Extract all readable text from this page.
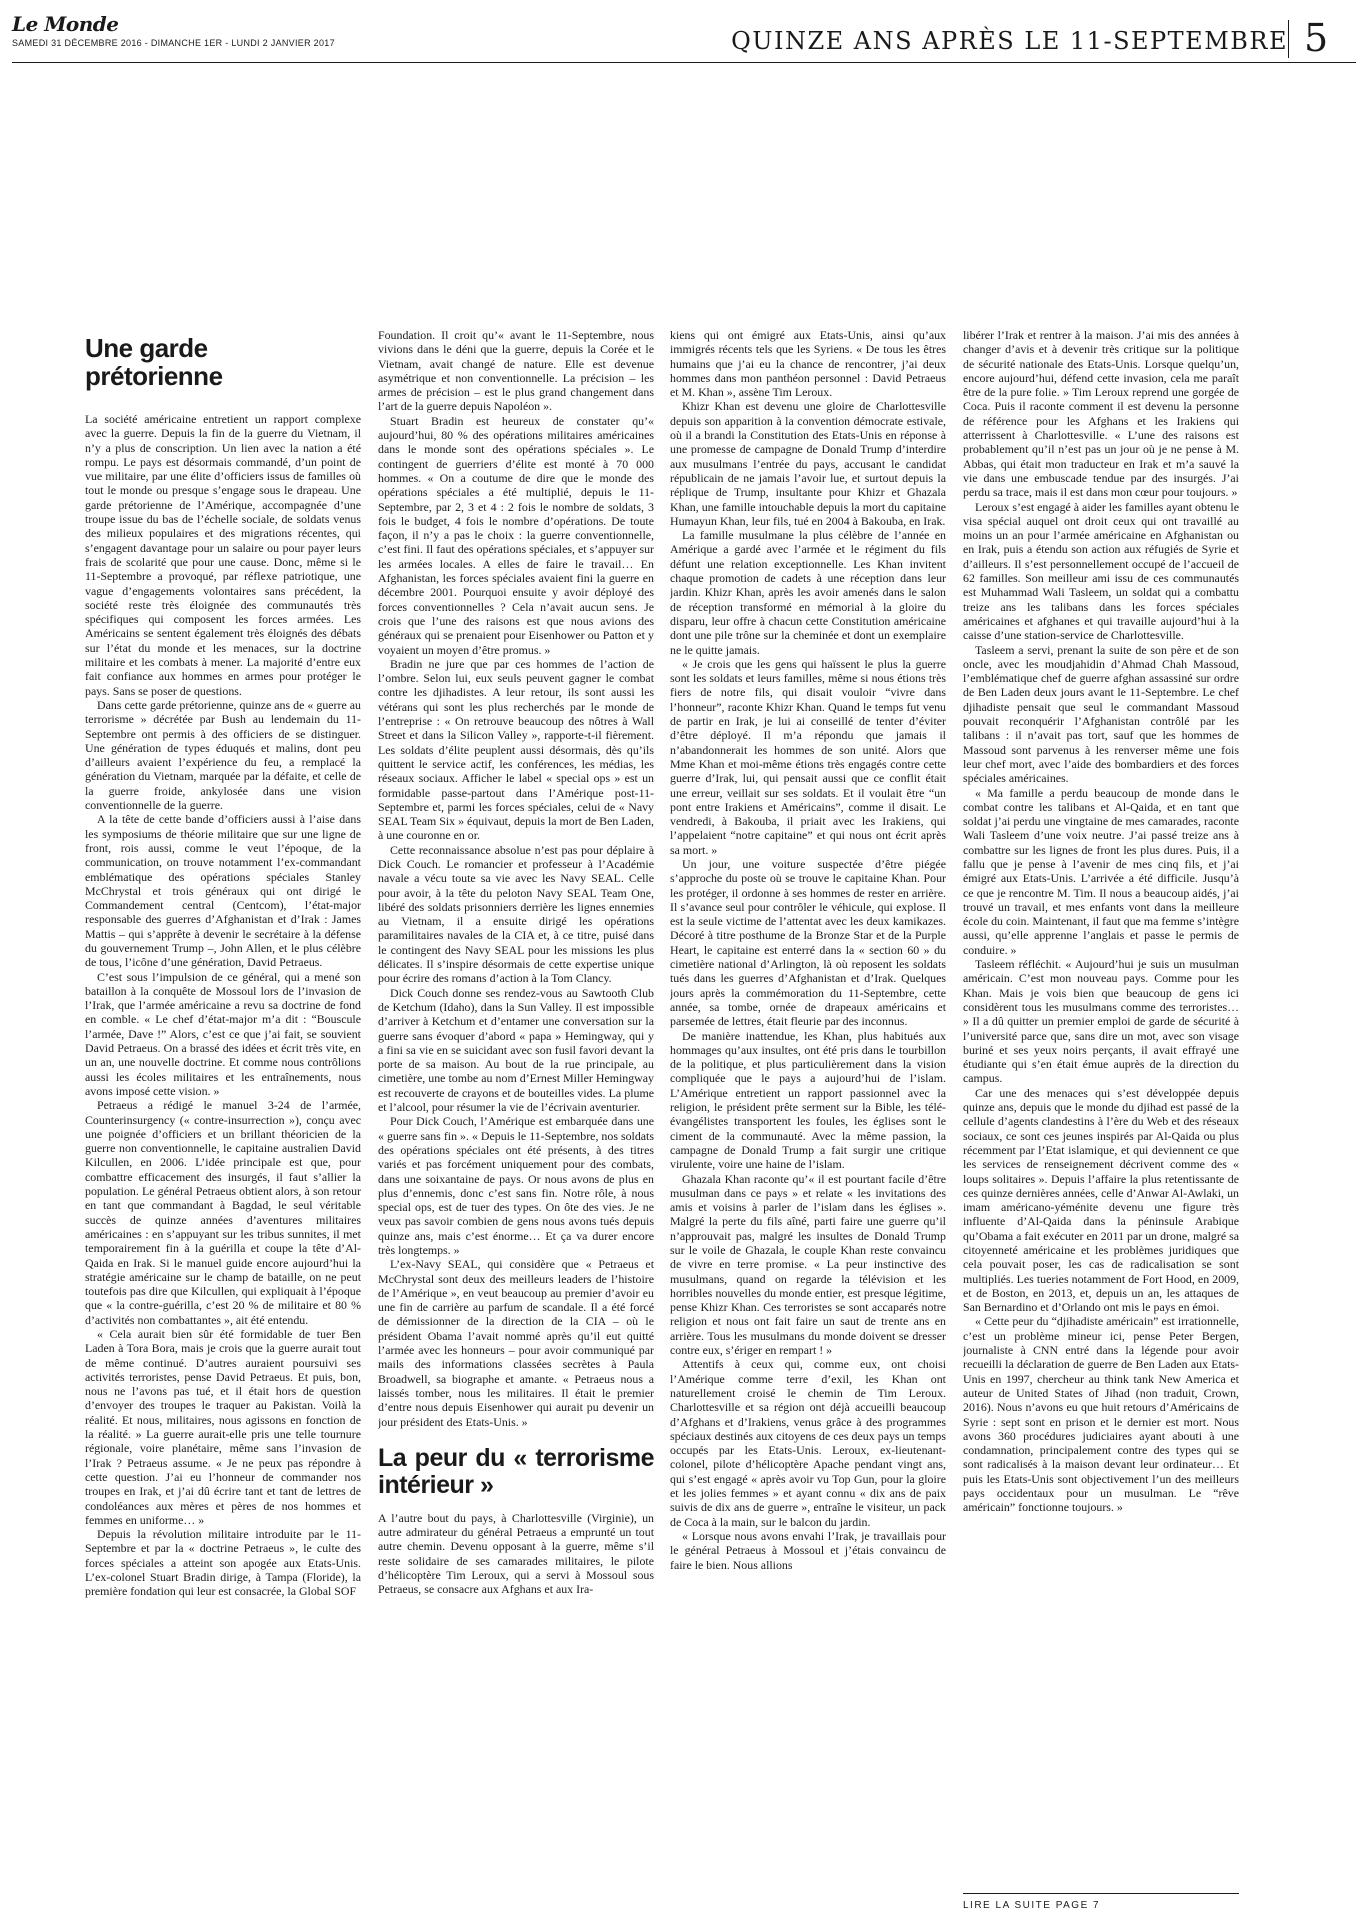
Le Monde
SAMEDI 31 DÉCEMBRE 2016 - DIMANCHE 1ER - LUNDI 2 JANVIER 2017	QUINZE ANS APRÈS LE 11-SEPTEMBRE 5
Une garde prétorienne

La société américaine entretient un rapport complexe avec la guerre. Depuis la fin de la guerre du Vietnam, il n’y a plus de conscription. Un lien avec la nation a été rompu. Le pays est désormais commandé, d’un point de vue militaire, par une élite d’officiers issus de familles où tout le monde ou presque s’engage sous le drapeau. Une garde prétorienne de l’Amérique, accompagnée d’une troupe issue du bas de l’échelle sociale, de soldats venus des milieux populaires et des migrations récentes, qui s’engagent davantage pour un salaire ou pour payer leurs frais de scolarité que pour une cause. Donc, même si le 11-Septembre a provoqué, par réflexe patriotique, une vague d’engagements volontaires sans précédent, la société reste très éloignée des communautés très spécifiques qui composent les forces armées. Les Américains se sentent également très éloignés des débats sur l’état du monde et les menaces, sur la doctrine militaire et les combats à mener. La majorité d’entre eux fait confiance aux hommes en armes pour protéger le pays. Sans se poser de questions.

Dans cette garde prétorienne, quinze ans de « guerre au terrorisme » décrétée par Bush au lendemain du 11-Septembre ont permis à des officiers de se distinguer. Une génération de types éduqués et malins, dont peu d’ailleurs avaient l’expérience du feu, a remplacé la génération du Vietnam, marquée par la défaite, et celle de la guerre froide, ankylosée dans une vision conventionnelle de la guerre.

A la tête de cette bande d’officiers aussi à l’aise dans les symposiums de théorie militaire que sur une ligne de front, rois aussi, comme le veut l’époque, de la communication, on trouve notamment l’ex-commandant emblématique des opérations spéciales Stanley McChrystal et trois généraux qui ont dirigé le Commandement central (Centcom), l’état-major responsable des guerres d’Afghanistan et d’Irak : James Mattis – qui s’apprête à devenir le secrétaire à la défense du gouvernement Trump –, John Allen, et le plus célèbre de tous, l’icône d’une génération, David Petraeus.

C’est sous l’impulsion de ce général, qui a mené son bataillon à la conquête de Mossoul lors de l’invasion de l’Irak, que l’armée américaine a revu sa doctrine de fond en comble. « Le chef d’état-major m’a dit : “Bouscule l’armée, Dave !” Alors, c’est ce que j’ai fait, se souvient David Petraeus. On a brassé des idées et écrit très vite, en un an, une nouvelle doctrine. Et comme nous contrôlions aussi les écoles militaires et les entraînements, nous avons imposé cette vision. »

Petraeus a rédigé le manuel 3-24 de l’armée, Counterinsurgency (« contre-insurrection »), conçu avec une poignée d’officiers et un brillant théoricien de la guerre non conventionnelle, le capitaine australien David Kilcullen, en 2006. L’idée principale est que, pour combattre efficacement des insurgés, il faut s’allier la population. Le général Petraeus obtient alors, à son retour en tant que commandant à Bagdad, le seul véritable succès de quinze années d’aventures militaires américaines : en s’appuyant sur les tribus sunnites, il met temporairement fin à la guérilla et coupe la tête d’Al-Qaida en Irak. Si le manuel guide encore aujourd’hui la stratégie américaine sur le champ de bataille, on ne peut toutefois pas dire que Kilcullen, qui expliquait à l’époque que « la contre-guérilla, c’est 20 % de militaire et 80 % d’activités non combattantes », ait été entendu.

« Cela aurait bien sûr été formidable de tuer Ben Laden à Tora Bora, mais je crois que la guerre aurait tout de même continué. D’autres auraient poursuivi ses activités terroristes, pense David Petraeus. Et puis, bon, nous ne l’avons pas tué, et il était hors de question d’envoyer des troupes le traquer au Pakistan. Voilà la réalité. Et nous, militaires, nous agissons en fonction de la réalité. » La guerre aurait-elle pris une telle tournure régionale, voire planétaire, même sans l’invasion de l’Irak ? Petraeus assume. « Je ne peux pas répondre à cette question. J’ai eu l’honneur de commander nos troupes en Irak, et j’ai dû écrire tant et tant de lettres de condoléances aux mères et pères de nos hommes et femmes en uniforme… »

Depuis la révolution militaire introduite par le 11-Septembre et par la « doctrine Petraeus », le culte des forces spéciales a atteint son apogée aux Etats-Unis. L’ex-colonel Stuart Bradin dirige, à Tampa (Floride), la première fondation qui leur est consacrée, la Global SOF

Foundation. Il croit qu’« avant le 11-Septembre, nous vivions dans le déni que la guerre, depuis la Corée et le Vietnam, avait changé de nature. Elle est devenue asymétrique et non conventionnelle. La précision – les armes de précision – est le plus grand changement dans l’art de la guerre depuis Napoléon ».

Stuart Bradin est heureux de constater qu’« aujourd’hui, 80 % des opérations militaires américaines dans le monde sont des opérations spéciales ». Le contingent de guerriers d’élite est monté à 70 000 hommes. « On a coutume de dire que le monde des opérations spéciales a été multiplié, depuis le 11-Septembre, par 2, 3 et 4 : 2 fois le nombre de soldats, 3 fois le budget, 4 fois le nombre d’opérations. De toute façon, il n’y a pas le choix : la guerre conventionnelle, c’est fini. Il faut des opérations spéciales, et s’appuyer sur les armées locales. A elles de faire le travail… En Afghanistan, les forces spéciales avaient fini la guerre en décembre 2001. Pourquoi ensuite y avoir déployé des forces conventionnelles ? Cela n’avait aucun sens. Je crois que l’une des raisons est que nous avions des généraux qui se prenaient pour Eisenhower ou Patton et y voyaient un moyen d’être promus. »

Bradin ne jure que par ces hommes de l’action de l’ombre. Selon lui, eux seuls peuvent gagner le combat contre les djihadistes. A leur retour, ils sont aussi les vétérans qui sont les plus recherchés par le monde de l’entreprise : « On retrouve beaucoup des nôtres à Wall Street et dans la Silicon Valley », rapporte-t-il fièrement. Les soldats d’élite peuplent aussi désormais, dès qu’ils quittent le service actif, les conférences, les médias, les réseaux sociaux. Afficher le label « special ops » est un formidable passe-partout dans l’Amérique post-11-Septembre et, parmi les forces spéciales, celui de « Navy SEAL Team Six » équivaut, depuis la mort de Ben Laden, à une couronne en or.

Cette reconnaissance absolue n’est pas pour déplaire à Dick Couch. Le romancier et professeur à l’Académie navale a vécu toute sa vie avec les Navy SEAL. Celle pour avoir, à la tête du peloton Navy SEAL Team One, libéré des soldats prisonniers derrière les lignes ennemies au Vietnam, il a ensuite dirigé les opérations paramilitaires navales de la CIA et, à ce titre, puisé dans le contingent des Navy SEAL pour les missions les plus délicates. Il s’inspire désormais de cette expertise unique pour écrire des romans d’action à la Tom Clancy.

Dick Couch donne ses rendez-vous au Sawtooth Club de Ketchum (Idaho), dans la Sun Valley. Il est impossible d’arriver à Ketchum et d’entamer une conversation sur la guerre sans évoquer d’abord « papa » Hemingway, qui y a fini sa vie en se suicidant avec son fusil favori devant la porte de sa maison. Au bout de la rue principale, au cimetière, une tombe au nom d’Ernest Miller Hemingway est recouverte de crayons et de bouteilles vides. La plume et l’alcool, pour résumer la vie de l’écrivain aventurier.

Pour Dick Couch, l’Amérique est embarquée dans une « guerre sans fin ». « Depuis le 11-Septembre, nos soldats des opérations spéciales ont été présents, à des titres variés et pas forcément uniquement pour des combats, dans une soixantaine de pays. Or nous avons de plus en plus d’ennemis, donc c’est sans fin. Notre rôle, à nous special ops, est de tuer des types. On ôte des vies. Je ne veux pas savoir combien de gens nous avons tués depuis quinze ans, mais c’est énorme… Et ça va durer encore très longtemps. »

L’ex-Navy SEAL, qui considère que « Petraeus et McChrystal sont deux des meilleurs leaders de l’histoire de l’Amérique », en veut beaucoup au premier d’avoir eu une fin de carrière au parfum de scandale. Il a été forcé de démissionner de la direction de la CIA – où le président Obama l’avait nommé après qu’il eut quitté l’armée avec les honneurs – pour avoir communiqué par mails des informations classées secrètes à Paula Broadwell, sa biographe et amante. « Petraeus nous a laissés tomber, nous les militaires. Il était le premier d’entre nous depuis Eisenhower qui aurait pu devenir un jour président des Etats-Unis. »

La peur du « terrorisme intérieur »

A l’autre bout du pays, à Charlottesville (Virginie), un autre admirateur du général Petraeus a emprunté un tout autre chemin. Devenu opposant à la guerre, même s’il reste solidaire de ses camarades militaires, le pilote d’hélicoptère Tim Leroux, qui a servi à Mossoul sous Petraeus, se consacre aux Afghans et aux Ira-

kiens qui ont émigré aux Etats-Unis, ainsi qu’aux immigrés récents tels que les Syriens. « De tous les êtres humains que j’ai eu la chance de rencontrer, j’ai deux hommes dans mon panthéon personnel : David Petraeus et M. Khan », assène Tim Leroux.

Khizr Khan est devenu une gloire de Charlottesville depuis son apparition à la convention démocrate estivale, où il a brandi la Constitution des Etats-Unis en réponse à une promesse de campagne de Donald Trump d’interdire aux musulmans l’entrée du pays, accusant le candidat républicain de ne jamais l’avoir lue, et surtout depuis la réplique de Trump, insultante pour Khizr et Ghazala Khan, une famille intouchable depuis la mort du capitaine Humayun Khan, leur fils, tué en 2004 à Bakouba, en Irak.

La famille musulmane la plus célèbre de l’année en Amérique a gardé avec l’armée et le régiment du fils défunt une relation exceptionnelle. Les Khan invitent chaque promotion de cadets à une réception dans leur jardin. Khizr Khan, après les avoir amenés dans le salon de réception transformé en mémorial à la gloire du disparu, leur offre à chacun cette Constitution américaine dont une pile trône sur la cheminée et dont un exemplaire ne le quitte jamais.

« Je crois que les gens qui haïssent le plus la guerre sont les soldats et leurs familles, même si nous étions très fiers de notre fils, qui disait vouloir “vivre dans l’honneur”, raconte Khizr Khan. Quand le temps fut venu de partir en Irak, je lui ai conseillé de tenter d’éviter d’être déployé. Il m’a répondu que jamais il n’abandonnerait les hommes de son unité. Alors que Mme Khan et moi-même étions très engagés contre cette guerre d’Irak, lui, qui pensait aussi que ce conflit était une erreur, veillait sur ses soldats. Et il voulait être “un pont entre Irakiens et Américains”, comme il disait. Le vendredi, à Bakouba, il priait avec les Irakiens, qui l’appelaient “notre capitaine” et qui nous ont écrit après sa mort. »

Un jour, une voiture suspectée d’être piégée s’approche du poste où se trouve le capitaine Khan. Pour les protéger, il ordonne à ses hommes de rester en arrière. Il s’avance seul pour contrôler le véhicule, qui explose. Il est la seule victime de l’attentat avec les deux kamikazes. Décoré à titre posthume de la Bronze Star et de la Purple Heart, le capitaine est enterré dans la « section 60 » du cimetière national d’Arlington, là où reposent les soldats tués dans les guerres d’Afghanistan et d’Irak. Quelques jours après la commémoration du 11-Septembre, cette année, sa tombe, ornée de drapeaux américains et parsemée de lettres, était fleurie par des inconnus.

De manière inattendue, les Khan, plus habitués aux hommages qu’aux insultes, ont été pris dans le tourbillon de la politique, et plus particulièrement dans la vision compliquée que le pays a aujourd’hui de l’islam. L’Amérique entretient un rapport passionnel avec la religion, le président prête serment sur la Bible, les télé-évangélistes transportent les foules, les églises sont le ciment de la communauté. Avec la même passion, la campagne de Donald Trump a fait surgir une critique virulente, voire une haine de l’islam.

Ghazala Khan raconte qu’« il est pourtant facile d’être musulman dans ce pays » et relate « les invitations des amis et voisins à parler de l’islam dans les églises ». Malgré la perte du fils aîné, parti faire une guerre qu’il n’approuvait pas, malgré les insultes de Donald Trump sur le voile de Ghazala, le couple Khan reste convaincu de vivre en terre promise. « La peur instinctive des musulmans, quand on regarde la télévision et les horribles nouvelles du monde entier, est presque légitime, pense Khizr Khan. Ces terroristes se sont accaparés notre religion et nous ont fait faire un saut de trente ans en arrière. Tous les musulmans du monde doivent se dresser contre eux, s’ériger en rempart ! »

Attentifs à ceux qui, comme eux, ont choisi l’Amérique comme terre d’exil, les Khan ont naturellement croisé le chemin de Tim Leroux. Charlottesville et sa région ont déjà accueilli beaucoup d’Afghans et d’Irakiens, venus grâce à des programmes spéciaux destinés aux citoyens de ces deux pays un temps occupés par les Etats-Unis. Leroux, ex-lieutenant-colonel, pilote d’hélicoptère Apache pendant vingt ans, qui s’est engagé « après avoir vu Top Gun, pour la gloire et les jolies femmes » et ayant connu « dix ans de paix suivis de dix ans de guerre », entraîne le visiteur, un pack de Coca à la main, sur le balcon du jardin.

« Lorsque nous avons envahi l’Irak, je travaillais pour le général Petraeus à Mossoul et j’étais convaincu de faire le bien. Nous allions

libérer l’Irak et rentrer à la maison. J’ai mis des années à changer d’avis et à devenir très critique sur la politique de sécurité nationale des Etats-Unis. Lorsque quelqu’un, encore aujourd’hui, défend cette invasion, cela me paraît être de la pure folie. » Tim Leroux reprend une gorgée de Coca. Puis il raconte comment il est devenu la personne de référence pour les Afghans et les Irakiens qui atterrissent à Charlottesville. « L’une des raisons est probablement qu’il n’est pas un jour où je ne pense à M. Abbas, qui était mon traducteur en Irak et m’a sauvé la vie dans une embuscade tendue par des insurgés. J’ai perdu sa trace, mais il est dans mon cœur pour toujours. »

Leroux s’est engagé à aider les familles ayant obtenu le visa spécial auquel ont droit ceux qui ont travaillé au moins un an pour l’armée américaine en Afghanistan ou en Irak, puis a étendu son action aux réfugiés de Syrie et d’ailleurs. Il s’est personnellement occupé de l’accueil de 62 familles. Son meilleur ami issu de ces communautés est Muhammad Wali Tasleem, un soldat qui a combattu treize ans les talibans dans les forces spéciales américaines et afghanes et qui travaille aujourd’hui à la caisse d’une station-service de Charlottesville.

Tasleem a servi, prenant la suite de son père et de son oncle, avec les moudjahidin d’Ahmad Chah Massoud, l’emblématique chef de guerre afghan assassiné sur ordre de Ben Laden deux jours avant le 11-Septembre. Le chef djihadiste pensait que seul le commandant Massoud pouvait reconquérir l’Afghanistan contrôlé par les talibans : il n’avait pas tort, sauf que les hommes de Massoud sont parvenus à les renverser même une fois leur chef mort, avec l’aide des bombardiers et des forces spéciales américaines.

« Ma famille a perdu beaucoup de monde dans le combat contre les talibans et Al-Qaida, et en tant que soldat j’ai perdu une vingtaine de mes camarades, raconte Wali Tasleem d’une voix neutre. J’ai passé treize ans à combattre sur les lignes de front les plus dures. Puis, il a fallu que je pense à l’avenir de mes cinq fils, et j’ai émigré aux Etats-Unis. L’arrivée a été difficile. Jusqu’à ce que je rencontre M. Tim. Il nous a beaucoup aidés, j’ai trouvé un travail, et mes enfants vont dans la meilleure école du coin. Maintenant, il faut que ma femme s’intègre aussi, qu’elle apprenne l’anglais et passe le permis de conduire. »

Tasleem réfléchit. « Aujourd’hui je suis un musulman américain. C’est mon nouveau pays. Comme pour les Khan. Mais je vois bien que beaucoup de gens ici considèrent tous les musulmans comme des terroristes… » Il a dû quitter un premier emploi de garde de sécurité à l’université parce que, sans dire un mot, avec son visage buriné et ses yeux noirs perçants, il avait effrayé une étudiante qui s’en était émue auprès de la direction du campus.

Car une des menaces qui s’est développée depuis quinze ans, depuis que le monde du djihad est passé de la cellule d’agents clandestins à l’ère du Web et des réseaux sociaux, ce sont ces jeunes inspirés par Al-Qaida ou plus récemment par l’Etat islamique, et qui deviennent ce que les services de renseignement décrivent comme des « loups solitaires ». Depuis l’affaire la plus retentissante de ces quinze dernières années, celle d’Anwar Al-Awlaki, un imam américano-yéménite devenu une figure très influente d’Al-Qaida dans la péninsule Arabique qu’Obama a fait exécuter en 2011 par un drone, malgré sa citoyenneté américaine et les problèmes juridiques que cela pouvait poser, les cas de radicalisation se sont multipliés. Les tueries notamment de Fort Hood, en 2009, et de Boston, en 2013, et, depuis un an, les attaques de San Bernardino et d’Orlando ont mis le pays en émoi.

« Cette peur du “djihadiste américain” est irrationnelle, c’est un problème mineur ici, pense Peter Bergen, journaliste à CNN entré dans la légende pour avoir recueilli la déclaration de guerre de Ben Laden aux Etats-Unis en 1997, chercheur au think tank New America et auteur de United States of Jihad (non traduit, Crown, 2016). Nous n’avons eu que huit retours d’Américains de Syrie : sept sont en prison et le dernier est mort. Nous avons 360 procédures judiciaires ayant abouti à une condamnation, principalement contre des types qui se sont radicalisés à la maison devant leur ordinateur… Et puis les Etats-Unis sont objectivement l’un des meilleurs pays occidentaux pour un musulman. Le “rêve américain” fonctionne toujours. »

LIRE LA SUITE PAGE 7
